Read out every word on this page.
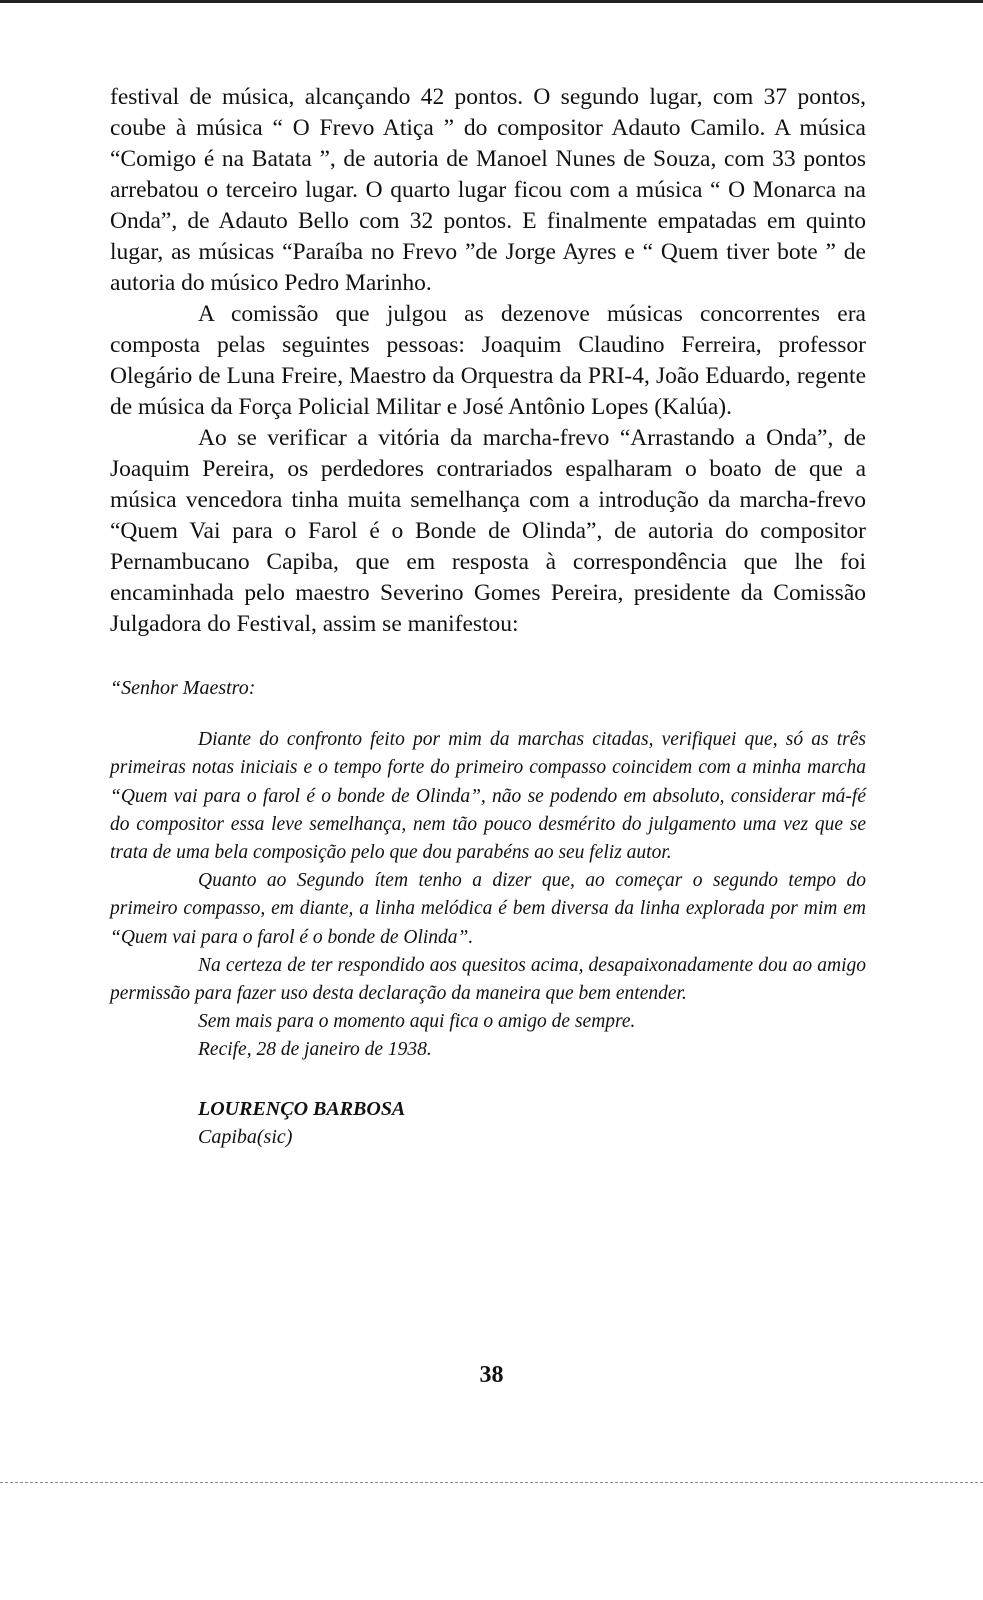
festival de música, alcançando 42 pontos. O segundo lugar, com 37 pontos, coube à música “ O Frevo Atiça ” do compositor Adauto Camilo. A música “Comigo é na Batata ”, de autoria de Manoel Nunes de Souza, com 33 pontos arrebatou o terceiro lugar. O quarto lugar ficou com a música “ O Monarca na Onda”, de Adauto Bello com 32 pontos. E finalmente empatadas em quinto lugar, as músicas “Paraíba no Frevo ”de Jorge Ayres e “ Quem tiver bote ” de autoria do músico Pedro Marinho.

A comissão que julgou as dezenove músicas concorrentes era composta pelas seguintes pessoas: Joaquim Claudino Ferreira, professor Olegário de Luna Freire, Maestro da Orquestra da PRI-4, João Eduardo, regente de música da Força Policial Militar e José Antônio Lopes (Kalúa).

Ao se verificar a vitória da marcha-frevo “Arrastando a Onda”, de Joaquim Pereira, os perdedores contrariados espalharam o boato de que a música vencedora tinha muita semelhança com a introdução da marcha-frevo “Quem Vai para o Farol é o Bonde de Olinda”, de autoria do compositor Pernambucano Capiba, que em resposta à correspondência que lhe foi encaminhada pelo maestro Severino Gomes Pereira, presidente da Comissão Julgadora do Festival, assim se manifestou:

“Senhor Maestro:

Diante do confronto feito por mim da marchas citadas, verifiquei que, só as três primeiras notas iniciais e o tempo forte do primeiro compasso coincidem com a minha marcha “Quem vai para o farol é o bonde de Olinda”, não se podendo em absoluto, considerar má-fé do compositor essa leve semelhança, nem tão pouco desmérito do julgamento uma vez que se trata de uma bela composição pelo que dou parabéns ao seu feliz autor.

Quanto ao Segundo ítem tenho a dizer que, ao começar o segundo tempo do primeiro compasso, em diante, a linha melódica é bem diversa da linha explorada por mim em “Quem vai para o farol é o bonde de Olinda”.

Na certeza de ter respondido aos quesitos acima, desapaixonadamente dou ao amigo permissão para fazer uso desta declaração da maneira que bem entender.

Sem mais para o momento aqui fica o amigo de sempre.

Recife, 28 de janeiro de 1938.

LOURENÇO BARBOSA
Capiba(sic)
38
